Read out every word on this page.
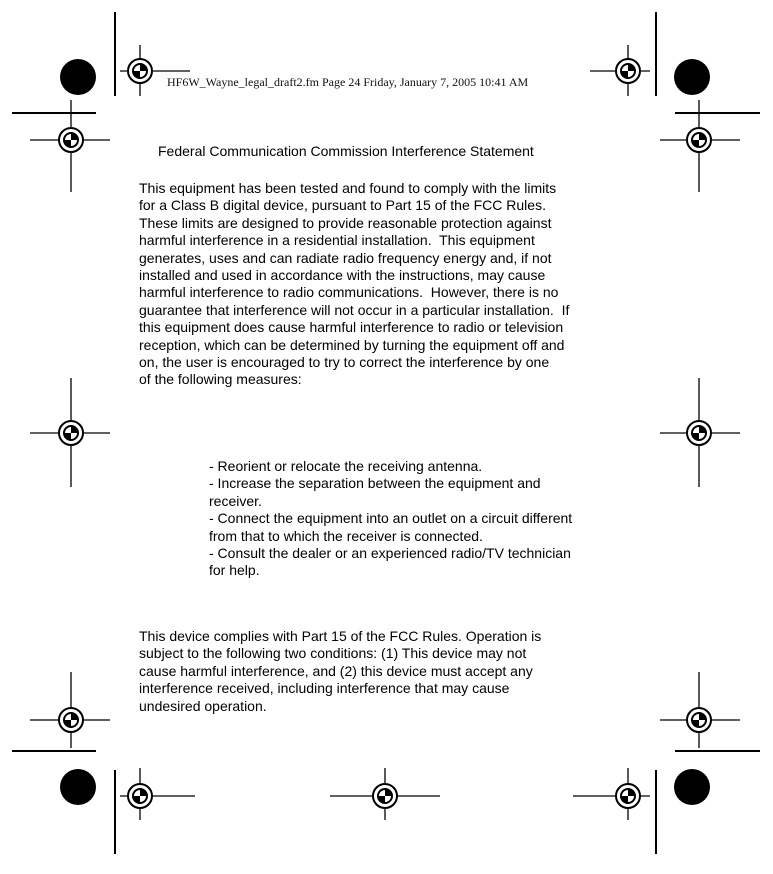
HF6W_Wayne_legal_draft2.fm Page 24 Friday, January 7, 2005 10:41 AM
Federal Communication Commission Interference Statement
This equipment has been tested and found to comply with the limits
for a Class B digital device, pursuant to Part 15 of the FCC Rules.
These limits are designed to provide reasonable protection against
harmful interference in a residential installation.  This equipment
generates, uses and can radiate radio frequency energy and, if not
installed and used in accordance with the instructions, may cause
harmful interference to radio communications.  However, there is no
guarantee that interference will not occur in a particular installation.  If
this equipment does cause harmful interference to radio or television
reception, which can be determined by turning the equipment off and
on, the user is encouraged to try to correct the interference by one
of the following measures:
- Reorient or relocate the receiving antenna.
- Increase the separation between the equipment and
receiver.
- Connect the equipment into an outlet on a circuit different
from that to which the receiver is connected.
- Consult the dealer or an experienced radio/TV technician
for help.
This device complies with Part 15 of the FCC Rules. Operation is
subject to the following two conditions: (1) This device may not
cause harmful interference, and (2) this device must accept any
interference received, including interference that may cause
undesired operation.
